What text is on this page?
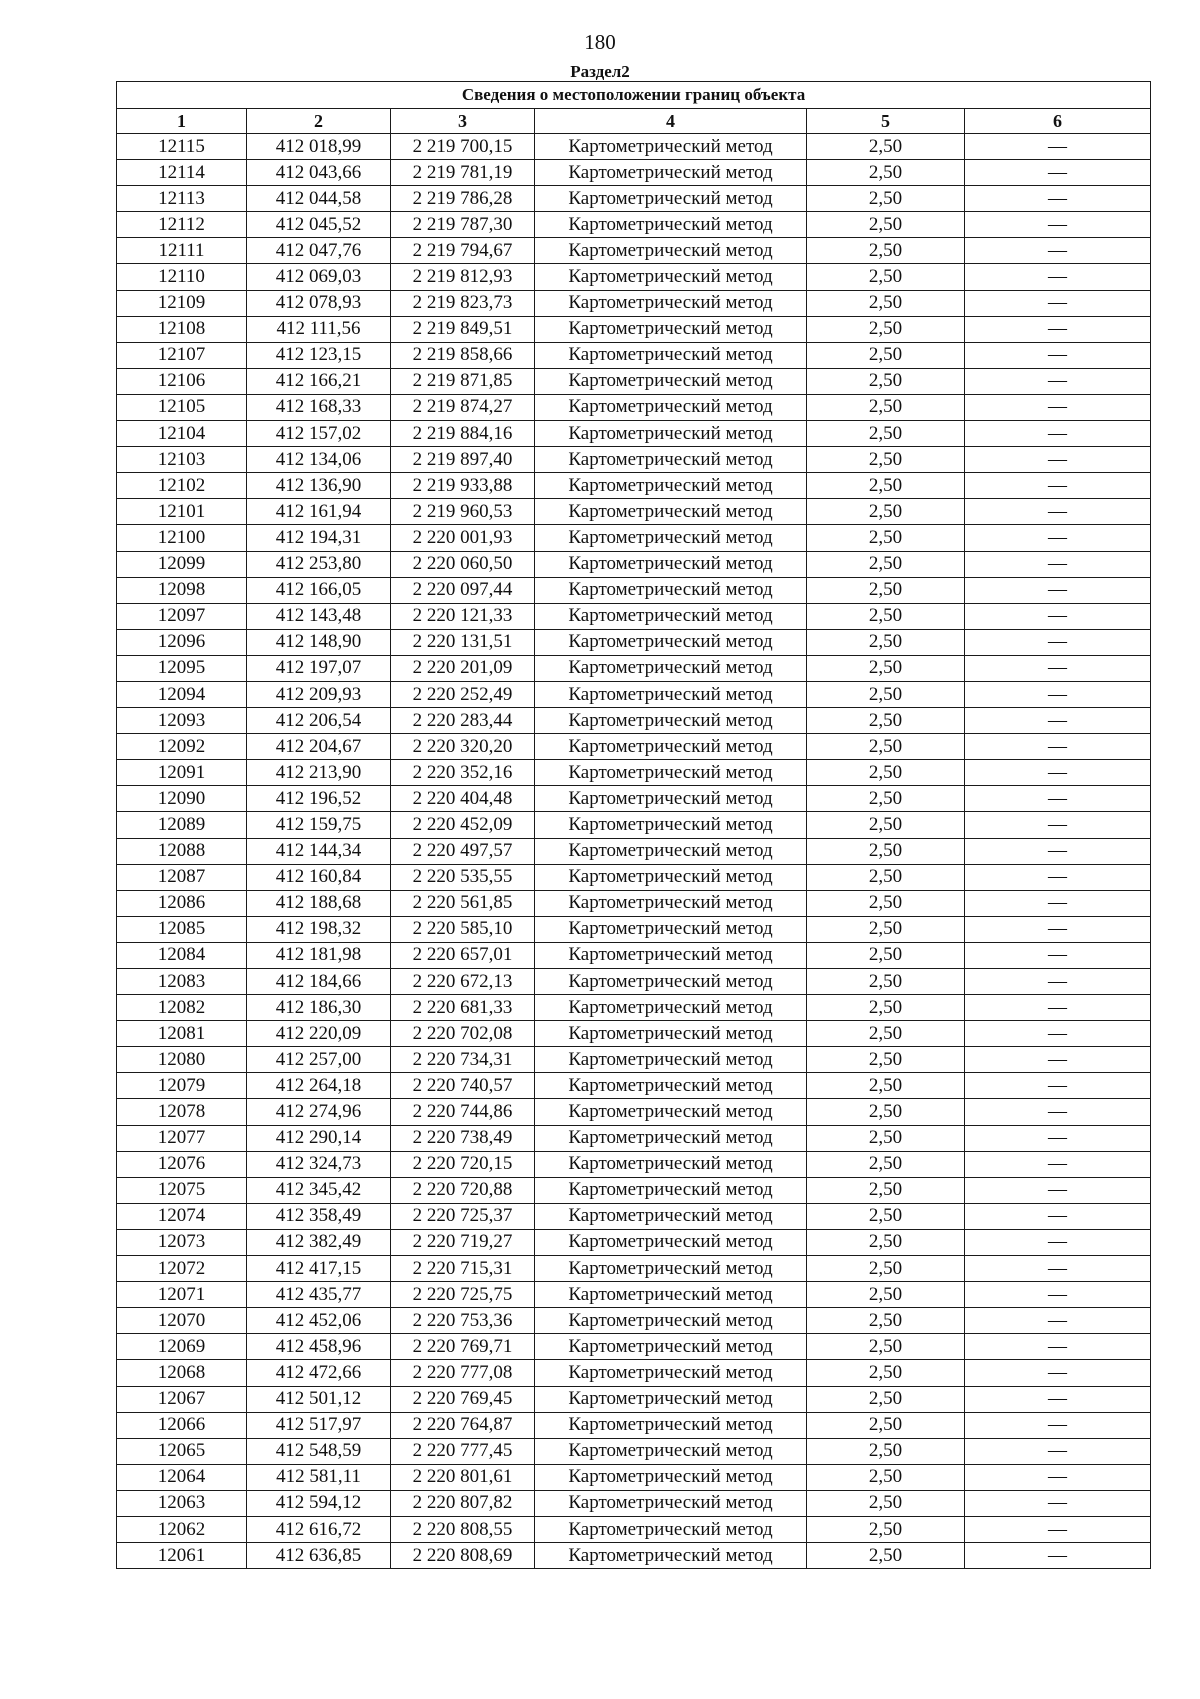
180
Раздел2
Сведения о местоположении границ объекта					
1	2	3	4	5	6
12115	412 018,99	2 219 700,15	Картометрический метод	2,50	—
12114	412 043,66	2 219 781,19	Картометрический метод	2,50	—
12113	412 044,58	2 219 786,28	Картометрический метод	2,50	—
12112	412 045,52	2 219 787,30	Картометрический метод	2,50	—
12111	412 047,76	2 219 794,67	Картометрический метод	2,50	—
12110	412 069,03	2 219 812,93	Картометрический метод	2,50	—
12109	412 078,93	2 219 823,73	Картометрический метод	2,50	—
12108	412 111,56	2 219 849,51	Картометрический метод	2,50	—
12107	412 123,15	2 219 858,66	Картометрический метод	2,50	—
12106	412 166,21	2 219 871,85	Картометрический метод	2,50	—
12105	412 168,33	2 219 874,27	Картометрический метод	2,50	—
12104	412 157,02	2 219 884,16	Картометрический метод	2,50	—
12103	412 134,06	2 219 897,40	Картометрический метод	2,50	—
12102	412 136,90	2 219 933,88	Картометрический метод	2,50	—
12101	412 161,94	2 219 960,53	Картометрический метод	2,50	—
12100	412 194,31	2 220 001,93	Картометрический метод	2,50	—
12099	412 253,80	2 220 060,50	Картометрический метод	2,50	—
12098	412 166,05	2 220 097,44	Картометрический метод	2,50	—
12097	412 143,48	2 220 121,33	Картометрический метод	2,50	—
12096	412 148,90	2 220 131,51	Картометрический метод	2,50	—
12095	412 197,07	2 220 201,09	Картометрический метод	2,50	—
12094	412 209,93	2 220 252,49	Картометрический метод	2,50	—
12093	412 206,54	2 220 283,44	Картометрический метод	2,50	—
12092	412 204,67	2 220 320,20	Картометрический метод	2,50	—
12091	412 213,90	2 220 352,16	Картометрический метод	2,50	—
12090	412 196,52	2 220 404,48	Картометрический метод	2,50	—
12089	412 159,75	2 220 452,09	Картометрический метод	2,50	—
12088	412 144,34	2 220 497,57	Картометрический метод	2,50	—
12087	412 160,84	2 220 535,55	Картометрический метод	2,50	—
12086	412 188,68	2 220 561,85	Картометрический метод	2,50	—
12085	412 198,32	2 220 585,10	Картометрический метод	2,50	—
12084	412 181,98	2 220 657,01	Картометрический метод	2,50	—
12083	412 184,66	2 220 672,13	Картометрический метод	2,50	—
12082	412 186,30	2 220 681,33	Картометрический метод	2,50	—
12081	412 220,09	2 220 702,08	Картометрический метод	2,50	—
12080	412 257,00	2 220 734,31	Картометрический метод	2,50	—
12079	412 264,18	2 220 740,57	Картометрический метод	2,50	—
12078	412 274,96	2 220 744,86	Картометрический метод	2,50	—
12077	412 290,14	2 220 738,49	Картометрический метод	2,50	—
12076	412 324,73	2 220 720,15	Картометрический метод	2,50	—
12075	412 345,42	2 220 720,88	Картометрический метод	2,50	—
12074	412 358,49	2 220 725,37	Картометрический метод	2,50	—
12073	412 382,49	2 220 719,27	Картометрический метод	2,50	—
12072	412 417,15	2 220 715,31	Картометрический метод	2,50	—
12071	412 435,77	2 220 725,75	Картометрический метод	2,50	—
12070	412 452,06	2 220 753,36	Картометрический метод	2,50	—
12069	412 458,96	2 220 769,71	Картометрический метод	2,50	—
12068	412 472,66	2 220 777,08	Картометрический метод	2,50	—
12067	412 501,12	2 220 769,45	Картометрический метод	2,50	—
12066	412 517,97	2 220 764,87	Картометрический метод	2,50	—
12065	412 548,59	2 220 777,45	Картометрический метод	2,50	—
12064	412 581,11	2 220 801,61	Картометрический метод	2,50	—
12063	412 594,12	2 220 807,82	Картометрический метод	2,50	—
12062	412 616,72	2 220 808,55	Картометрический метод	2,50	—
12061	412 636,85	2 220 808,69	Картометрический метод	2,50	—
